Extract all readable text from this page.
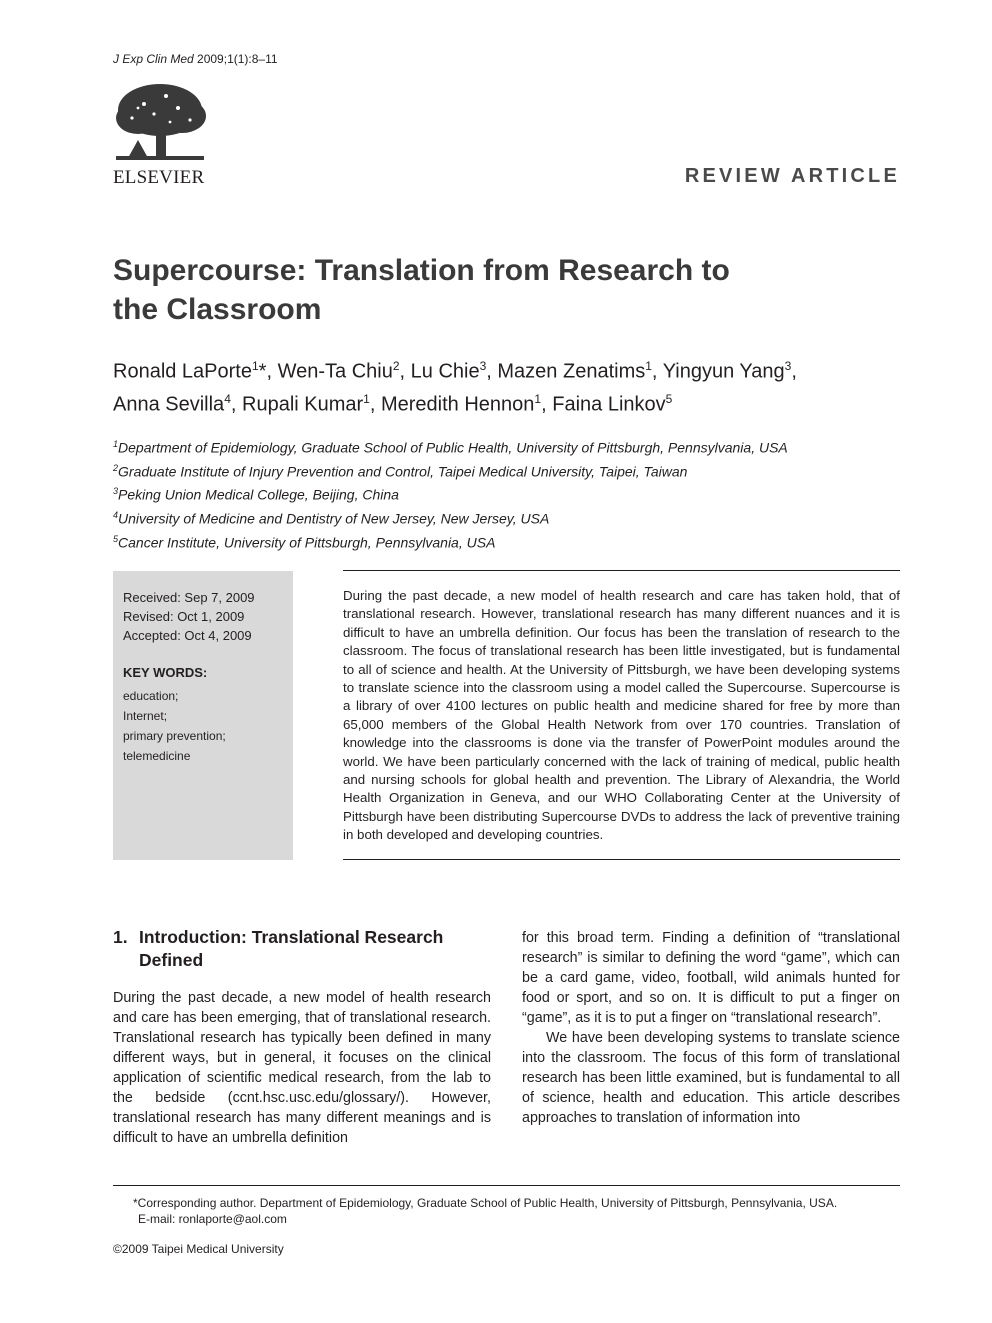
J Exp Clin Med 2009;1(1):8–11
ELSEVIER	REVIEW ARTICLE
Supercourse: Translation from Research to
the Classroom
Ronald LaPorte$^1$*, Wen-Ta Chiu$^2$, Lu Chie$^3$, Mazen Zenatims$^1$, Yingyun Yang$^3$,
Anna Sevilla$^4$, Rupali Kumar$^1$, Meredith Hennon$^1$, Faina Linkov$^5$
$^1$Department of Epidemiology, Graduate School of Public Health, University of Pittsburgh, Pennsylvania, USA
$^2$Graduate Institute of Injury Prevention and Control, Taipei Medical University, Taipei, Taiwan
$^3$Peking Union Medical College, Beijing, China
$^4$University of Medicine and Dentistry of New Jersey, New Jersey, USA
$^5$Cancer Institute, University of Pittsburgh, Pennsylvania, USA
Received: Sep 7, 2009
Revised: Oct 1, 2009
Accepted: Oct 4, 2009
KEY WORDS:
education;
Internet;
primary prevention;
telemedicine
During the past decade, a new model of health research and care has taken hold, that of translational research. However, translational research has many different nuances and it is difficult to have an umbrella definition. Our focus has been the translation of research to the classroom. The focus of translational research has been little investigated, but is fundamental to all of science and health. At the University of Pittsburgh, we have been developing systems to translate science into the classroom using a model called the Supercourse. Supercourse is a library of over 4100 lectures on public health and medicine shared for free by more than 65,000 members of the Global Health Network from over 170 countries. Translation of knowledge into the classrooms is done via the transfer of PowerPoint modules around the world. We have been particularly concerned with the lack of training of medical, public health and nursing schools for global health and prevention. The Library of Alexandria, the World Health Organization in Geneva, and our WHO Collaborating Center at the University of Pittsburgh have been distributing Supercourse DVDs to address the lack of preventive training in both developed and developing countries.
1. Introduction: Translational Research
Defined
During the past decade, a new model of health research and care has been emerging, that of translational research. Translational research has typically been defined in many different ways, but in general, it focuses on the clinical application of scientific medical research, from the lab to the bedside (ccnt.hsc.usc.edu/glossary/). However, translational research has many different meanings and is difficult to have an umbrella definition
for this broad term. Finding a definition of “translational research” is similar to defining the word “game”, which can be a card game, video, football, wild animals hunted for food or sport, and so on. It is difficult to put a finger on “game”, as it is to put a finger on “translational research”.
We have been developing systems to translate science into the classroom. The focus of this form of translational research has been little examined, but is fundamental to all of science, health and education. This article describes approaches to translation of information into
*Corresponding author. Department of Epidemiology, Graduate School of Public Health, University of Pittsburgh, Pennsylvania, USA.
E-mail: ronlaporte@aol.com
©2009 Taipei Medical University
